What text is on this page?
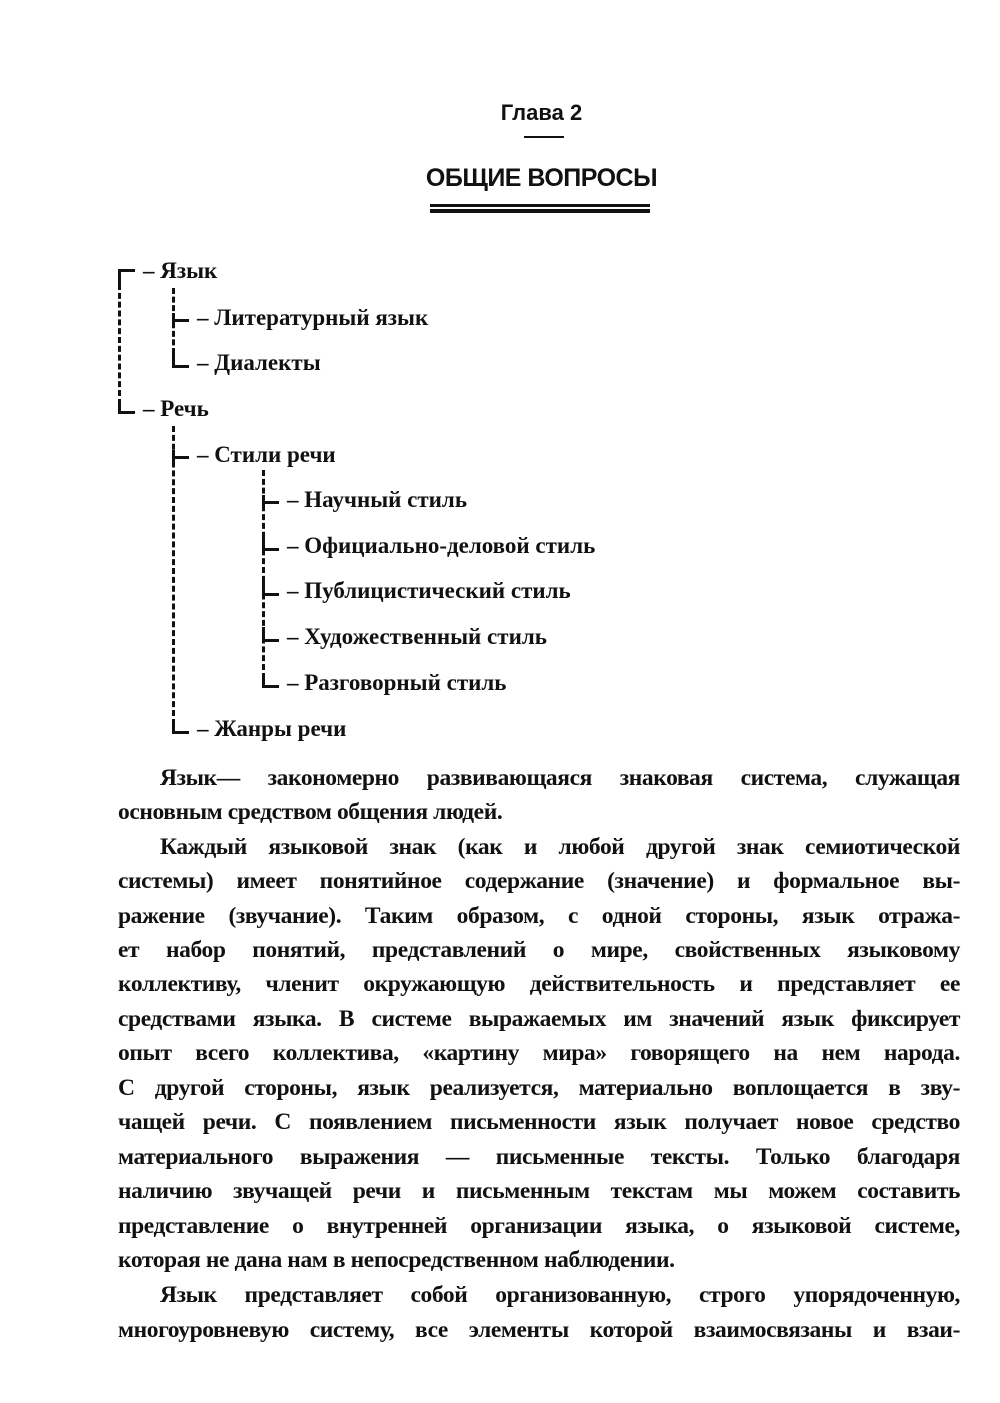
Глава 2
ОБЩИЕ ВОПРОСЫ
– Язык
– Литературный язык
– Диалекты
– Речь
– Стили речи
– Научный стиль
– Официально-деловой стиль
– Публицистический стиль
– Художественный стиль
– Разговорный стиль
– Жанры речи
Язык— закономерно развивающаяся знаковая система, служащая
основным средством общения людей.
Каждый языковой знак (как и любой другой знак семиотической
системы) имеет понятийное содержание (значение) и формальное вы-
ражение (звучание). Таким образом, с одной стороны, язык отража-
ет набор понятий, представлений о мире, свойственных языковому
коллективу, членит окружающую действительность и представляет ее
средствами языка. В системе выражаемых им значений язык фиксирует
опыт всего коллектива, «картину мира» говорящего на нем народа.
С другой стороны, язык реализуется, материально воплощается в зву-
чащей речи. С появлением письменности язык получает новое средство
материального выражения — письменные тексты. Только благодаря
наличию звучащей речи и письменным текстам мы можем составить
представление о внутренней организации языка, о языковой системе,
которая не дана нам в непосредственном наблюдении.
Язык представляет собой организованную, строго упорядоченную,
многоуровневую систему, все элементы которой взаимосвязаны и взаи-
